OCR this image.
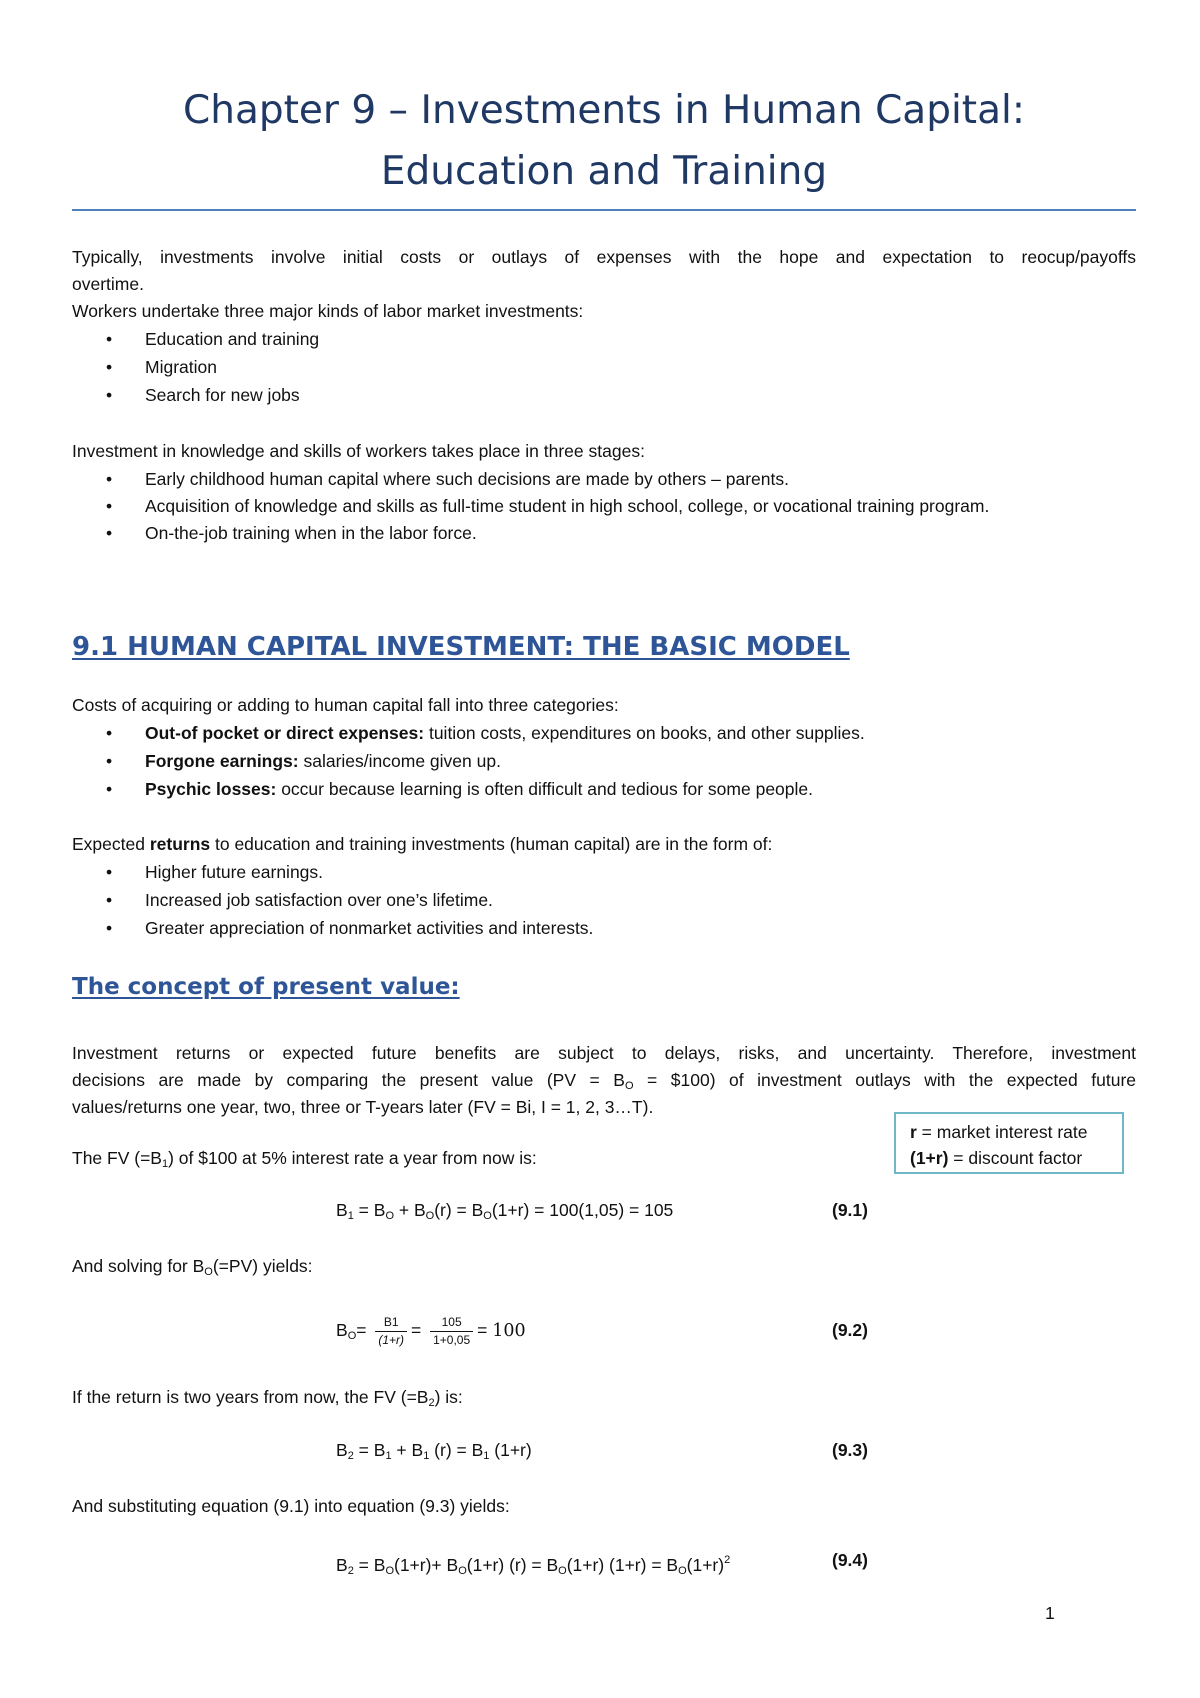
Chapter 9 – Investments in Human Capital:
Education and Training
Typically, investments involve initial costs or outlays of expenses with the hope and expectation to reocup/payoffs
overtime.
Workers undertake three major kinds of labor market investments:
• Education and training
• Migration
• Search for new jobs
Investment in knowledge and skills of workers takes place in three stages:
• Early childhood human capital where such decisions are made by others – parents.
• Acquisition of knowledge and skills as full-time student in high school, college, or vocational training program.
• On-the-job training when in the labor force.
9.1 HUMAN CAPITAL INVESTMENT: THE BASIC MODEL
Costs of acquiring or adding to human capital fall into three categories:
• Out-of pocket or direct expenses: tuition costs, expenditures on books, and other supplies.
• Forgone earnings: salaries/income given up.
• Psychic losses: occur because learning is often difficult and tedious for some people.
Expected returns to education and training investments (human capital) are in the form of:
• Higher future earnings.
• Increased job satisfaction over one’s lifetime.
• Greater appreciation of nonmarket activities and interests.
The concept of present value:
Investment returns or expected future benefits are subject to delays, risks, and uncertainty. Therefore, investment
decisions are made by comparing the present value ($PV = B_O$ = $100) of investment outlays with the expected future
values/returns one year, two, three or T-years later (FV = Bi, I = 1, 2, 3…T).
r = market interest rate
(1+r) = discount factor
The FV $(=B_1)$ of $100 at 5% interest rate a year from now is:
$B_1 = B_O + B_O(r) = B_O(1+r) = 100(1,05) = 105$	(9.1)
And solving for $B_O(=PV)$ yields:
$B_O= \frac{B1}{(1+r)} = \frac{105}{1+0,05} = 100$	(9.2)
If the return is two years from now, the FV $(=B_2)$ is:
$B_2 = B_1 + B_1$ $(r) = B_1$ (1+r)	(9.3)
And substituting equation (9.1) into equation (9.3) yields:
$B_2 = B_O(1+r)+ B_O(1+r) (r) = B_O(1+r) (1+r) = B_O(1+r)^2$	(9.4)
1
